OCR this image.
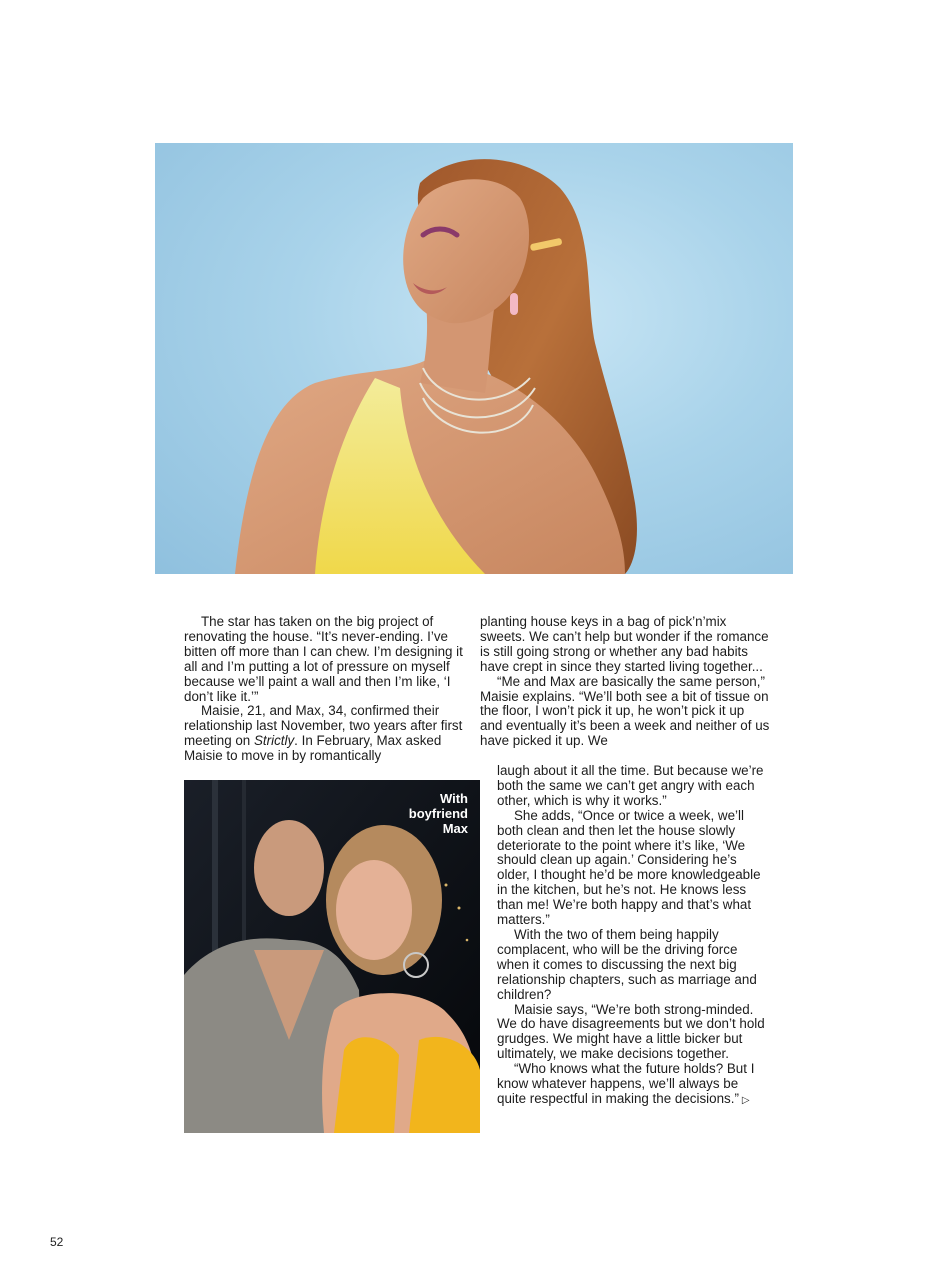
The star has taken on the big project of renovating the house. “It’s never-ending. I’ve bitten off more than I can chew. I’m designing it all and I’m putting a lot of pressure on myself because we’ll paint a wall and then I’m like, ‘I don’t like it.’”

Maisie, 21, and Max, 34, confirmed their relationship last November, two years after first meeting on Strictly. In February, Max asked Maisie to move in by romantically

With
boyfriend
Max

planting house keys in a bag of pick’n’mix sweets. We can’t help but wonder if the romance is still going strong or whether any bad habits have crept in since they started living together...

“Me and Max are basically the same person,” Maisie explains. “We’ll both see a bit of tissue on the floor, I won’t pick it up, he won’t pick it up and eventually it’s been a week and neither of us have picked it up. We

laugh about it all the time. But because we’re both the same we can’t get angry with each other, which is why it works.”

She adds, “Once or twice a week, we’ll both clean and then let the house slowly deteriorate to the point where it’s like, ‘We should clean up again.’ Considering he’s older, I thought he’d be more knowledgeable in the kitchen, but he’s not. He knows less than me! We’re both happy and that’s what matters.”

With the two of them being happily complacent, who will be the driving force when it comes to discussing the next big relationship chapters, such as marriage and children?

Maisie says, “We’re both strong-minded. We do have disagreements but we don’t hold grudges. We might have a little bicker but ultimately, we make decisions together.

“Who knows what the future holds? But I know whatever happens, we’ll always be quite respectful in making the decisions.” ▷

52
